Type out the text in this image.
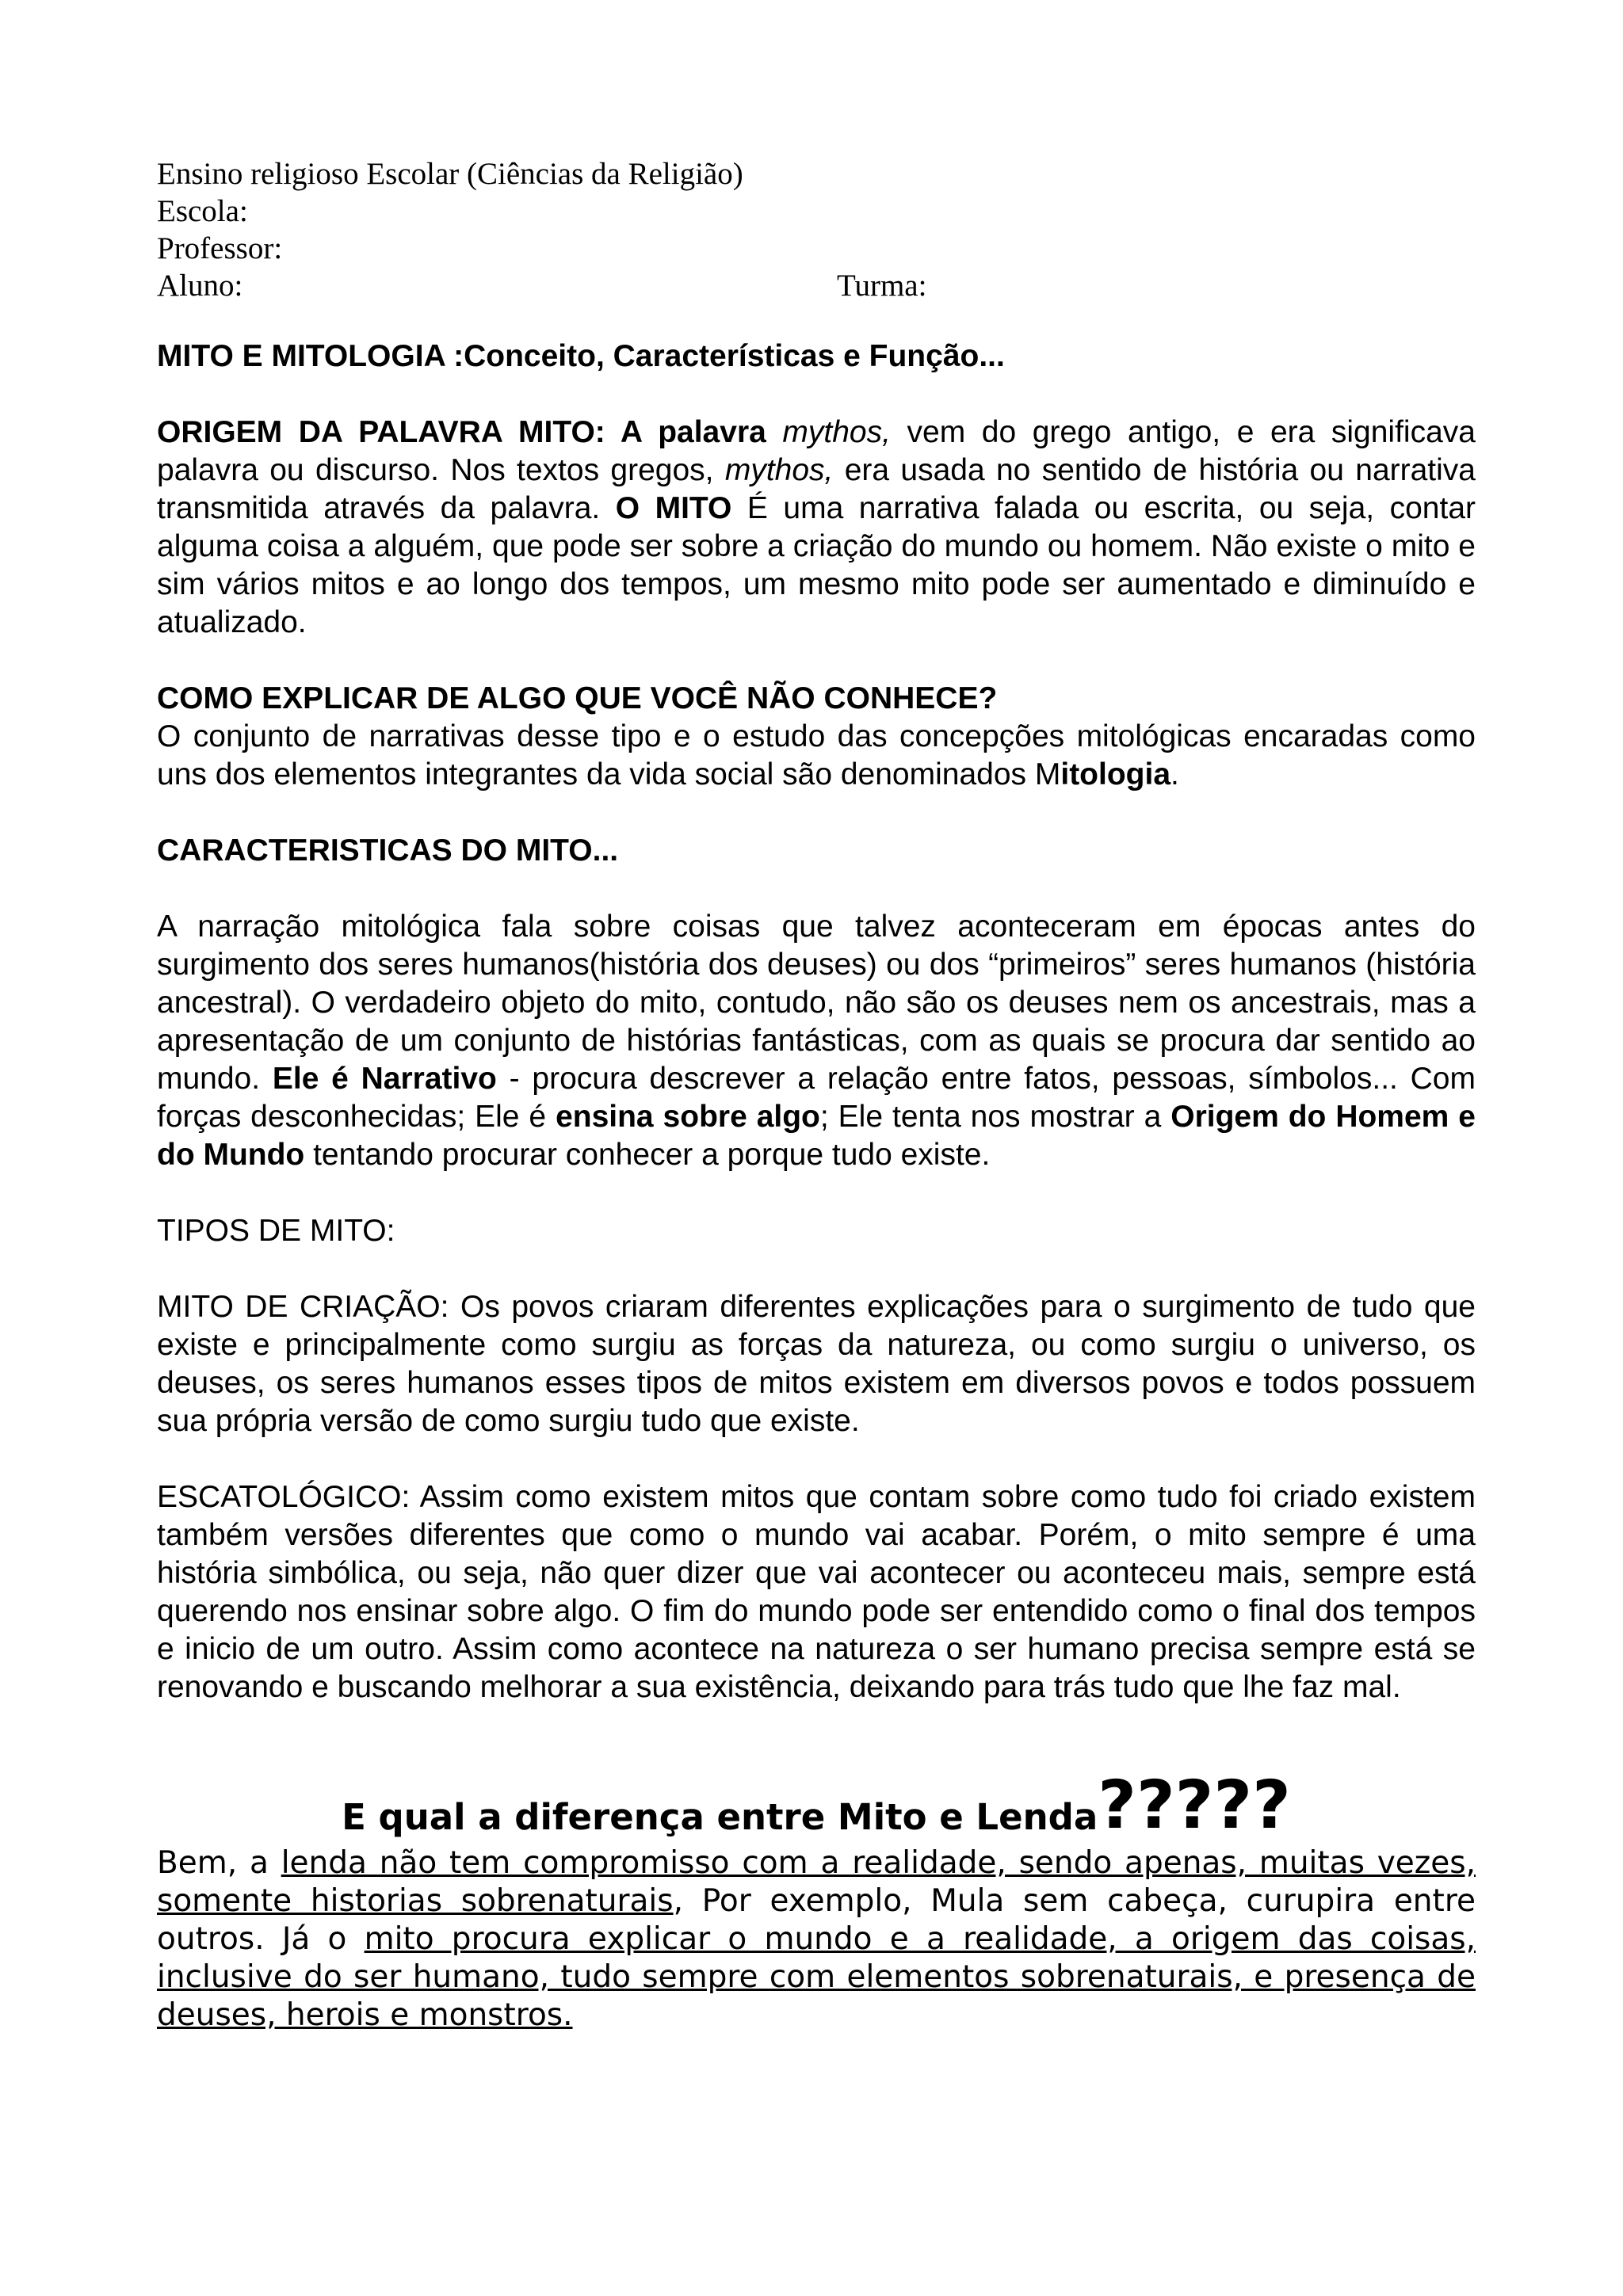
Ensino religioso Escolar (Ciências da Religião)
Escola:
Professor:
Aluno:	Turma:
MITO E MITOLOGIA :Conceito, Características e Função...

ORIGEM DA PALAVRA MITO: A palavra mythos, vem do grego antigo, e era significava palavra ou discurso. Nos textos gregos, mythos, era usada no sentido de história ou narrativa transmitida através da palavra. O MITO É uma narrativa falada ou escrita, ou seja, contar alguma coisa a alguém, que pode ser sobre a criação do mundo ou homem. Não existe o mito e sim vários mitos e ao longo dos tempos, um mesmo mito pode ser aumentado e diminuído e atualizado.

COMO EXPLICAR DE ALGO QUE VOCÊ NÃO CONHECE?

O conjunto de narrativas desse tipo e o estudo das concepções mitológicas encaradas como uns dos elementos integrantes da vida social são denominados Mitologia.

CARACTERISTICAS DO MITO...

A narração mitológica fala sobre coisas que talvez aconteceram em épocas antes do surgimento dos seres humanos(história dos deuses) ou dos “primeiros” seres humanos (história ancestral). O verdadeiro objeto do mito, contudo, não são os deuses nem os ancestrais, mas a apresentação de um conjunto de histórias fantásticas, com as quais se procura dar sentido ao mundo. Ele é Narrativo - procura descrever a relação entre fatos, pessoas, símbolos... Com forças desconhecidas; Ele é ensina sobre algo; Ele tenta nos mostrar a Origem do Homem e do Mundo tentando procurar conhecer a porque tudo existe.

TIPOS DE MITO:

MITO DE CRIAÇÃO: Os povos criaram diferentes explicações para o surgimento de tudo que existe e principalmente como surgiu as forças da natureza, ou como surgiu o universo, os deuses, os seres humanos esses tipos de mitos existem em diversos povos e todos possuem sua própria versão de como surgiu tudo que existe.

ESCATOLÓGICO: Assim como existem mitos que contam sobre como tudo foi criado existem também versões diferentes que como o mundo vai acabar. Porém, o mito sempre é uma história simbólica, ou seja, não quer dizer que vai acontecer ou aconteceu mais, sempre está querendo nos ensinar sobre algo. O fim do mundo pode ser entendido como o final dos tempos e inicio de um outro. Assim como acontece na natureza o ser humano precisa sempre está se renovando e buscando melhorar a sua existência, deixando para trás tudo que lhe faz mal.

E qual a diferença entre Mito e Lenda?????

Bem, a lenda não tem compromisso com a realidade, sendo apenas, muitas vezes, somente historias sobrenaturais, Por exemplo, Mula sem cabeça, curupira entre outros. Já o mito procura explicar o mundo e a realidade, a origem das coisas, inclusive do ser humano, tudo sempre com elementos sobrenaturais, e presença de deuses, herois e monstros.
